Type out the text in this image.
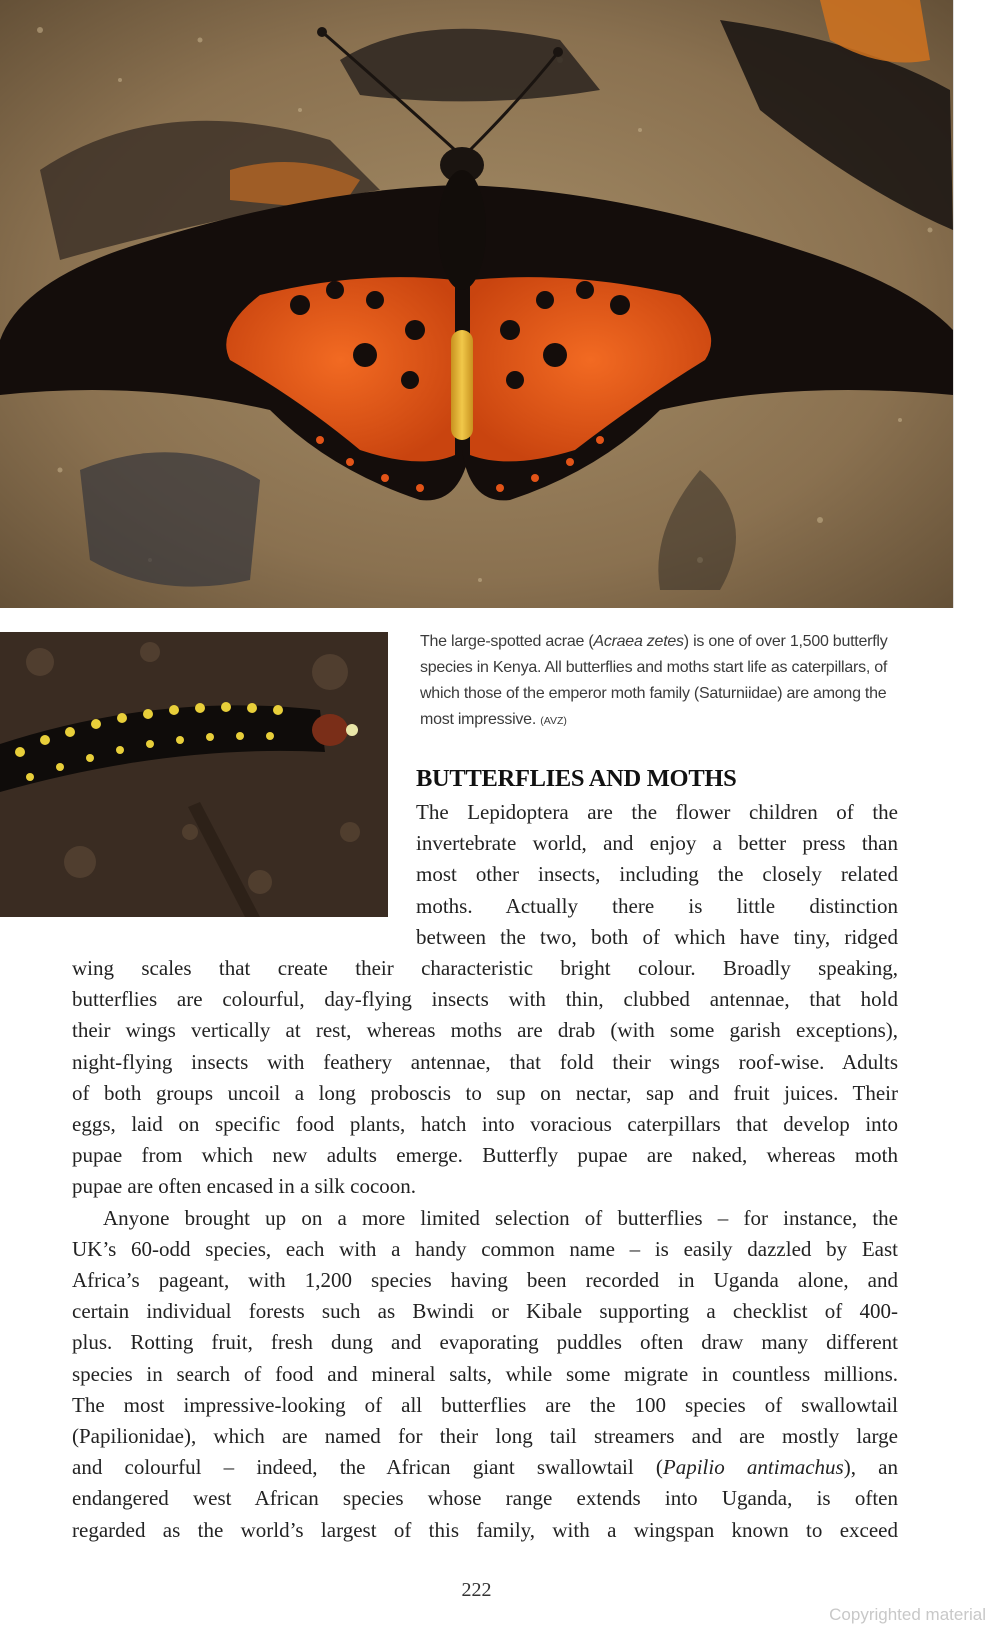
The large-spotted acrae (Acraea zetes) is one of over 1,500 butterfly species in Kenya. All butterflies and moths start life as caterpillars, of which those of the emperor moth family (Saturniidae) are among the most impressive. (AVZ)
BUTTERFLIES AND MOTHS
The Lepidoptera are the flower children of the
invertebrate world, and enjoy a better press than
most other insects, including the closely related
moths. Actually there is little distinction
between the two, both of which have tiny, ridged
wing scales that create their characteristic bright colour. Broadly speaking,
butterflies are colourful, day-flying insects with thin, clubbed antennae, that hold
their wings vertically at rest, whereas moths are drab (with some garish exceptions),
night-flying insects with feathery antennae, that fold their wings roof-wise. Adults
of both groups uncoil a long proboscis to sup on nectar, sap and fruit juices. Their
eggs, laid on specific food plants, hatch into voracious caterpillars that develop into
pupae from which new adults emerge. Butterfly pupae are naked, whereas moth
pupae are often encased in a silk cocoon.
Anyone brought up on a more limited selection of butterflies – for instance, the
UK’s 60-odd species, each with a handy common name – is easily dazzled by East
Africa’s pageant, with 1,200 species having been recorded in Uganda alone, and
certain individual forests such as Bwindi or Kibale supporting a checklist of 400-
plus. Rotting fruit, fresh dung and evaporating puddles often draw many different
species in search of food and mineral salts, while some migrate in countless millions.
The most impressive-looking of all butterflies are the 100 species of swallowtail
(Papilionidae), which are named for their long tail streamers and are mostly large
and colourful – indeed, the African giant swallowtail (Papilio antimachus), an
endangered west African species whose range extends into Uganda, is often
regarded as the world’s largest of this family, with a wingspan known to exceed
222
Copyrighted material
